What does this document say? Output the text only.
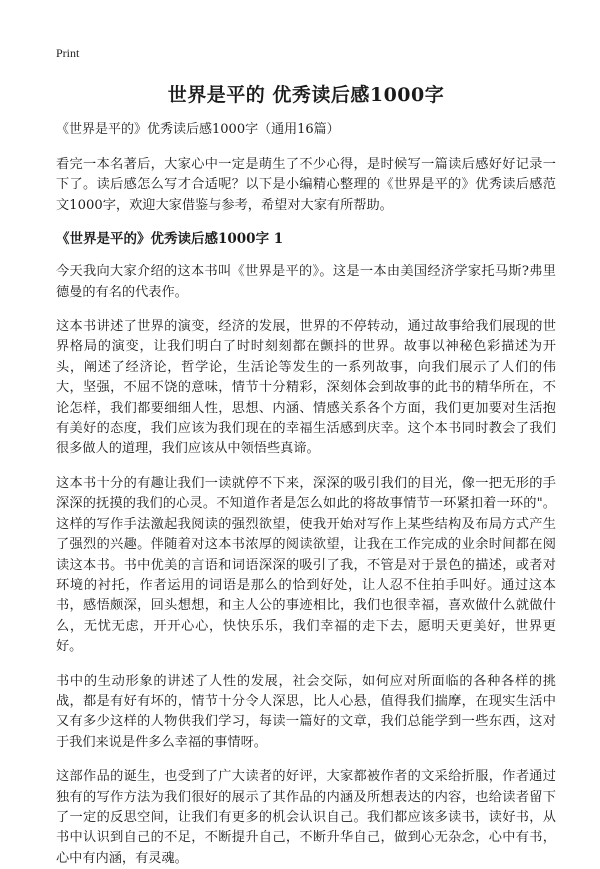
Print
世界是平的 优秀读后感1000字
《世界是平的》优秀读后感1000字（通用16篇）

看完一本名著后，大家心中一定是萌生了不少心得，是时候写一篇读后感好好记录一下了。读后感怎么写才合适呢？以下是小编精心整理的《世界是平的》优秀读后感范文1000字，欢迎大家借鉴与参考，希望对大家有所帮助。

《世界是平的》优秀读后感1000字 1

今天我向大家介绍的这本书叫《世界是平的》。这是一本由美国经济学家托马斯?弗里德曼的有名的代表作。

这本书讲述了世界的演变，经济的发展，世界的不停转动，通过故事给我们展现的世界格局的演变，让我们明白了时时刻刻都在颤抖的世界。故事以神秘色彩描述为开头，阐述了经济论，哲学论，生活论等发生的一系列故事，向我们展示了人们的伟大，坚强，不屈不饶的意味，情节十分精彩，深刻体会到故事的此书的精华所在，不论怎样，我们都要细细人性，思想、内涵、情感关系各个方面，我们更加要对生活抱有美好的态度，我们应该为我们现在的幸福生活感到庆幸。这个本书同时教会了我们很多做人的道理，我们应该从中领悟些真谛。

这本书十分的有趣让我们一读就停不下来，深深的吸引我们的目光，像一把无形的手深深的抚摸的我们的心灵。不知道作者是怎么如此的将故事情节一环紧扣着一环的"。这样的写作手法激起我阅读的强烈欲望，使我开始对写作上某些结构及布局方式产生了强烈的兴趣。伴随着对这本书浓厚的阅读欲望，让我在工作完成的业余时间都在阅读这本书。书中优美的言语和词语深深的吸引了我，不管是对于景色的描述，或者对环境的衬托，作者运用的词语是那么的恰到好处，让人忍不住拍手叫好。通过这本书，感悟颇深，回头想想，和主人公的事迹相比，我们也很幸福，喜欢做什么就做什么，无忧无虑，开开心心，快快乐乐，我们幸福的走下去，愿明天更美好，世界更好。

书中的生动形象的讲述了人性的发展，社会交际，如何应对所面临的各种各样的挑战，都是有好有坏的，情节十分令人深思，比人心悬，值得我们揣摩，在现实生活中又有多少这样的人物供我们学习，每读一篇好的文章，我们总能学到一些东西，这对于我们来说是件多么幸福的事情呀。

这部作品的诞生，也受到了广大读者的好评，大家都被作者的文采给折服，作者通过独有的写作方法为我们很好的展示了其作品的内涵及所想表达的内容，也给读者留下了一定的反思空间，让我们有更多的机会认识自己。我们都应该多读书，读好书，从书中认识到自己的不足，不断提升自己，不断升华自己，做到心无杂念，心中有书，心中有内涵，有灵魂。
